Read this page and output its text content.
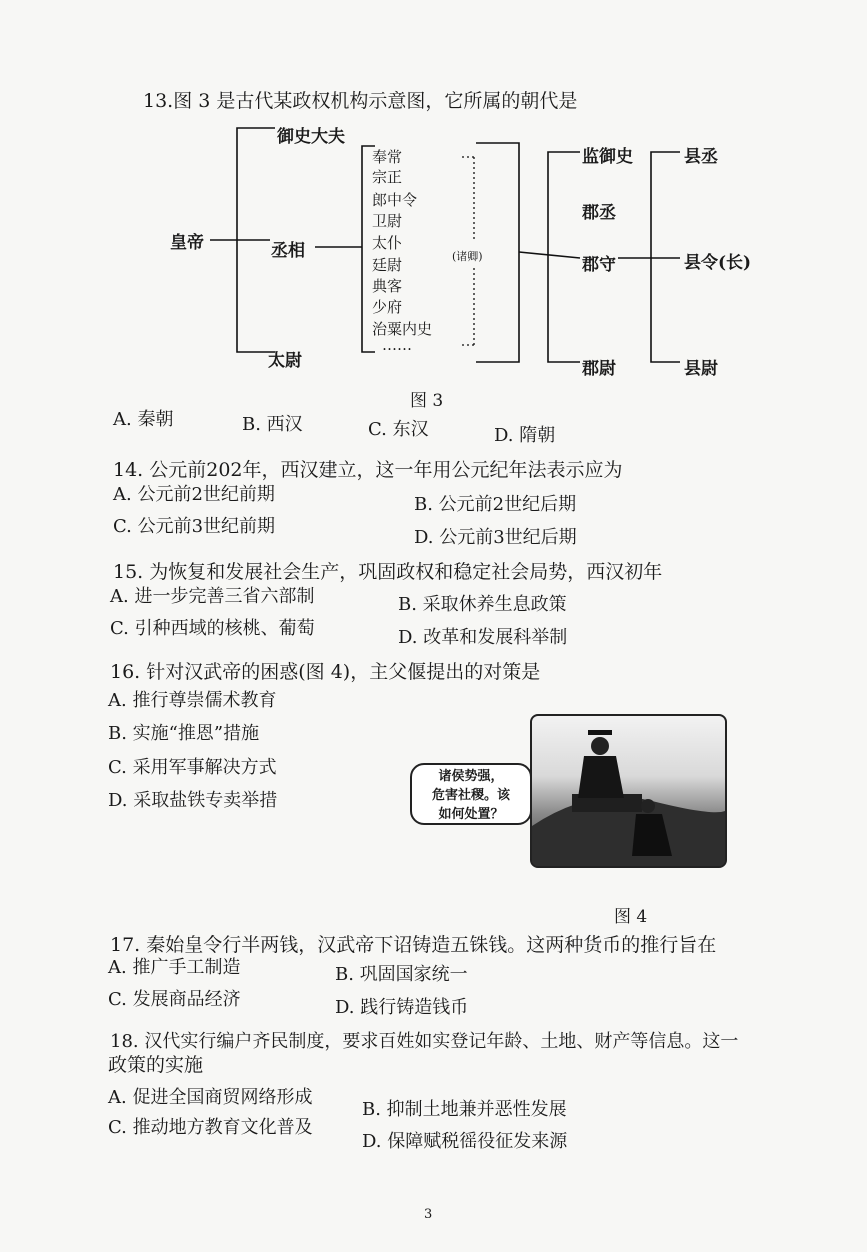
13.图 3 是古代某政权机构示意图，它所属的朝代是
皇帝
御史大夫
丞相
太尉
奉常
宗正
郎中令
卫尉
太仆
廷尉
典客
少府
治粟内史
……
(诸卿)
监御史
郡丞
郡守
郡尉
县丞
县令(长)
县尉
图 3
A. 秦朝	B. 西汉	C. 东汉	D. 隋朝
14. 公元前202年，西汉建立，这一年用公元纪年法表示应为
A. 公元前2世纪前期	B. 公元前2世纪后期
C. 公元前3世纪前期
D. 公元前3世纪后期
15. 为恢复和发展社会生产，巩固政权和稳定社会局势，西汉初年
A. 进一步完善三省六部制	B. 采取休养生息政策
C. 引种西域的核桃、葡萄	D. 改革和发展科举制
16. 针对汉武帝的困惑(图 4)，主父偃提出的对策是
A. 推行尊崇儒术教育
B. 实施“推恩”措施
C. 采用军事解决方式
D. 采取盐铁专卖举措
诸侯势强，
危害社稷。该
如何处置？
图 4
17. 秦始皇令行半两钱，汉武帝下诏铸造五铢钱。这两种货币的推行旨在
A. 推广手工制造	B. 巩固国家统一
C. 发展商品经济	D. 践行铸造钱币
18. 汉代实行编户齐民制度，要求百姓如实登记年龄、土地、财产等信息。这一
政策的实施
A. 促进全国商贸网络形成
B. 抑制土地兼并恶性发展
C. 推动地方教育文化普及
D. 保障赋税徭役征发来源
3
